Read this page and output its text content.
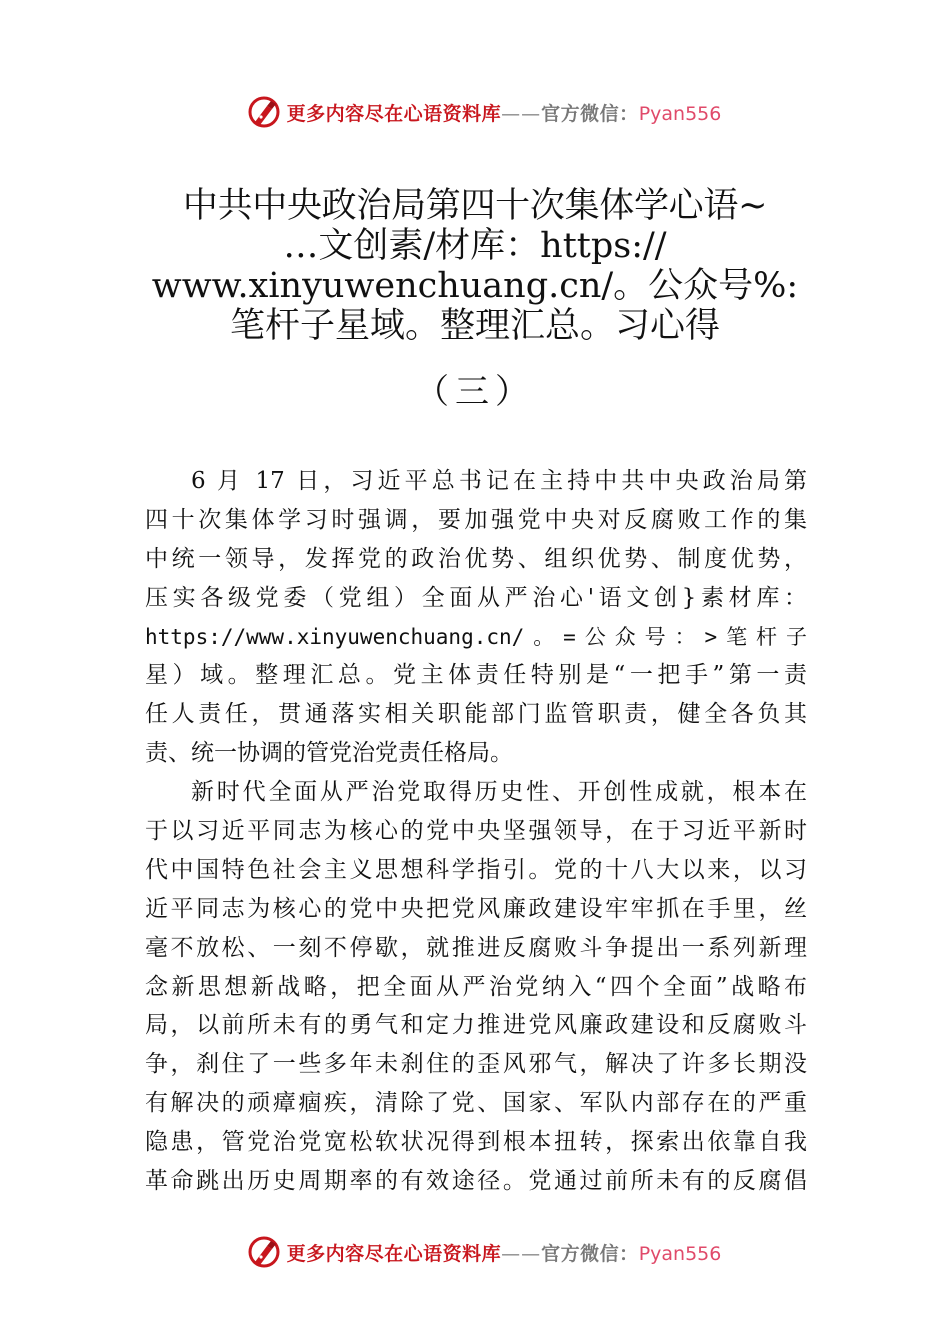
更多内容尽在心语资料库——官方微信：Pyan556
中共中央政治局第四十次集体学心语~
…文创素/材库：https://
www.xinyuwenchuang.cn/。公众号%:
笔杆子星域。整理汇总。习心得
（三）
6 月 17 日，习近平总书记在主持中共中央政治局第
四十次集体学习时强调，要加强党中央对反腐败工作的集
中统一领导，发挥党的政治优势、组织优势、制度优势，
压实各级党委（党组）全面从严治心'语文创}素材库：
https://www.xinyuwenchuang.cn/。=公众号：>笔杆子
星）域。整理汇总。党主体责任特别是“一把手”第一责
任人责任，贯通落实相关职能部门监管职责，健全各负其
责、统一协调的管党治党责任格局。
新时代全面从严治党取得历史性、开创性成就，根本在
于以习近平同志为核心的党中央坚强领导，在于习近平新时
代中国特色社会主义思想科学指引。党的十八大以来，以习
近平同志为核心的党中央把党风廉政建设牢牢抓在手里，丝
毫不放松、一刻不停歇，就推进反腐败斗争提出一系列新理
念新思想新战略，把全面从严治党纳入“四个全面”战略布
局，以前所未有的勇气和定力推进党风廉政建设和反腐败斗
争，刹住了一些多年未刹住的歪风邪气，解决了许多长期没
有解决的顽瘴痼疾，清除了党、国家、军队内部存在的严重
隐患，管党治党宽松软状况得到根本扭转，探索出依靠自我
革命跳出历史周期率的有效途径。党通过前所未有的反腐倡
更多内容尽在心语资料库——官方微信：Pyan556
